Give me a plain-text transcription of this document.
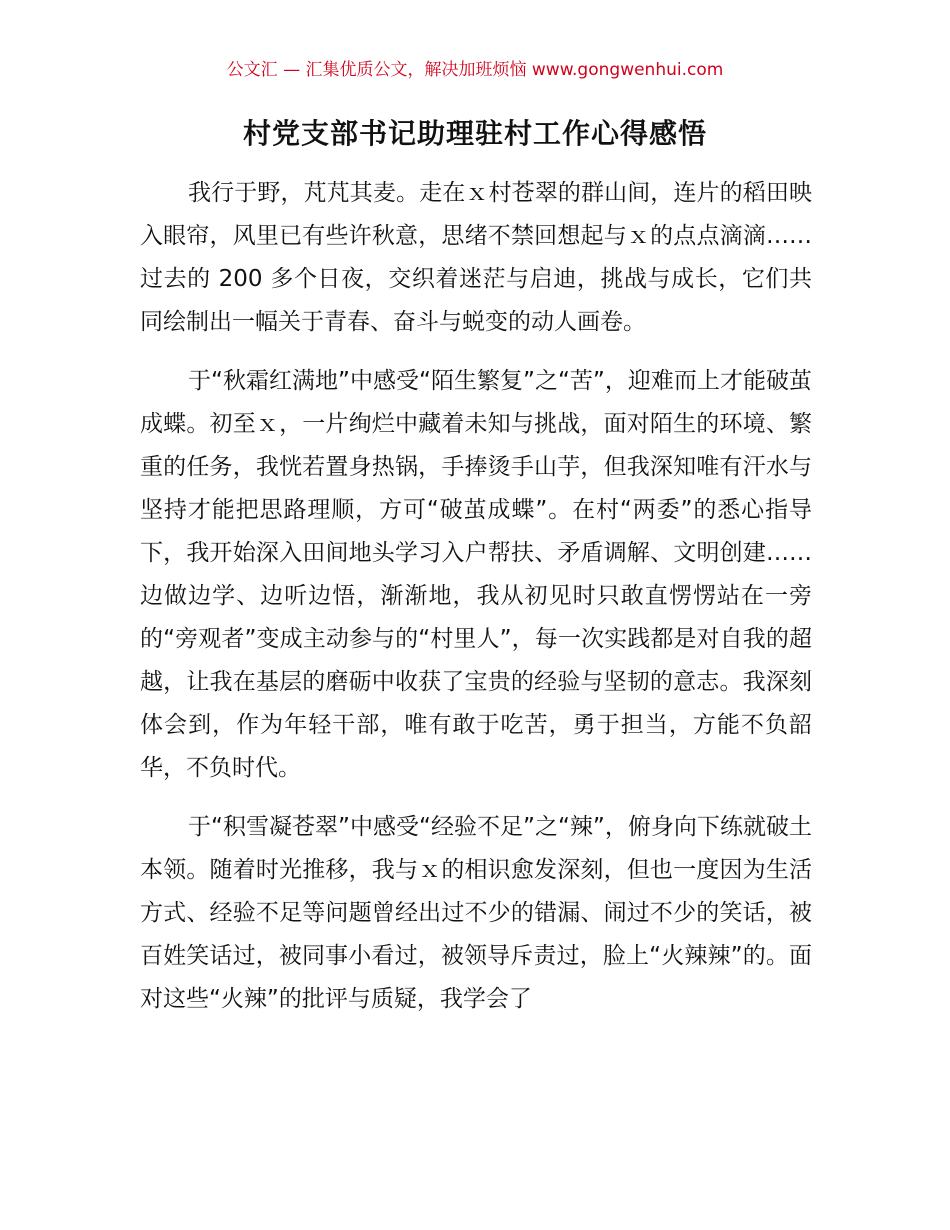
公文汇 — 汇集优质公文，解决加班烦恼 www.gongwenhui.com
村党支部书记助理驻村工作心得感悟

我行于野，芃芃其麦。走在ｘ村苍翠的群山间，连片的稻田映入眼帘，风里已有些许秋意，思绪不禁回想起与ｘ的点点滴滴……过去的 200 多个日夜，交织着迷茫与启迪，挑战与成长，它们共同绘制出一幅关于青春、奋斗与蜕变的动人画卷。

于“秋霜红满地”中感受“陌生繁复”之“苦”，迎难而上才能破茧成蝶。初至ｘ，一片绚烂中藏着未知与挑战，面对陌生的环境、繁重的任务，我恍若置身热锅，手捧烫手山芋，但我深知唯有汗水与坚持才能把思路理顺，方可“破茧成蝶”。在村“两委”的悉心指导下，我开始深入田间地头学习入户帮扶、矛盾调解、文明创建……边做边学、边听边悟，渐渐地，我从初见时只敢直愣愣站在一旁的“旁观者”变成主动参与的“村里人”，每一次实践都是对自我的超越，让我在基层的磨砺中收获了宝贵的经验与坚韧的意志。我深刻体会到，作为年轻干部，唯有敢于吃苦，勇于担当，方能不负韶华，不负时代。

于“积雪凝苍翠”中感受“经验不足”之“辣”，俯身向下练就破土本领。随着时光推移，我与ｘ的相识愈发深刻，但也一度因为生活方式、经验不足等问题曾经出过不少的错漏、闹过不少的笑话，被百姓笑话过，被同事小看过，被领导斥责过，脸上“火辣辣”的。面对这些“火辣”的批评与质疑，我学会了
